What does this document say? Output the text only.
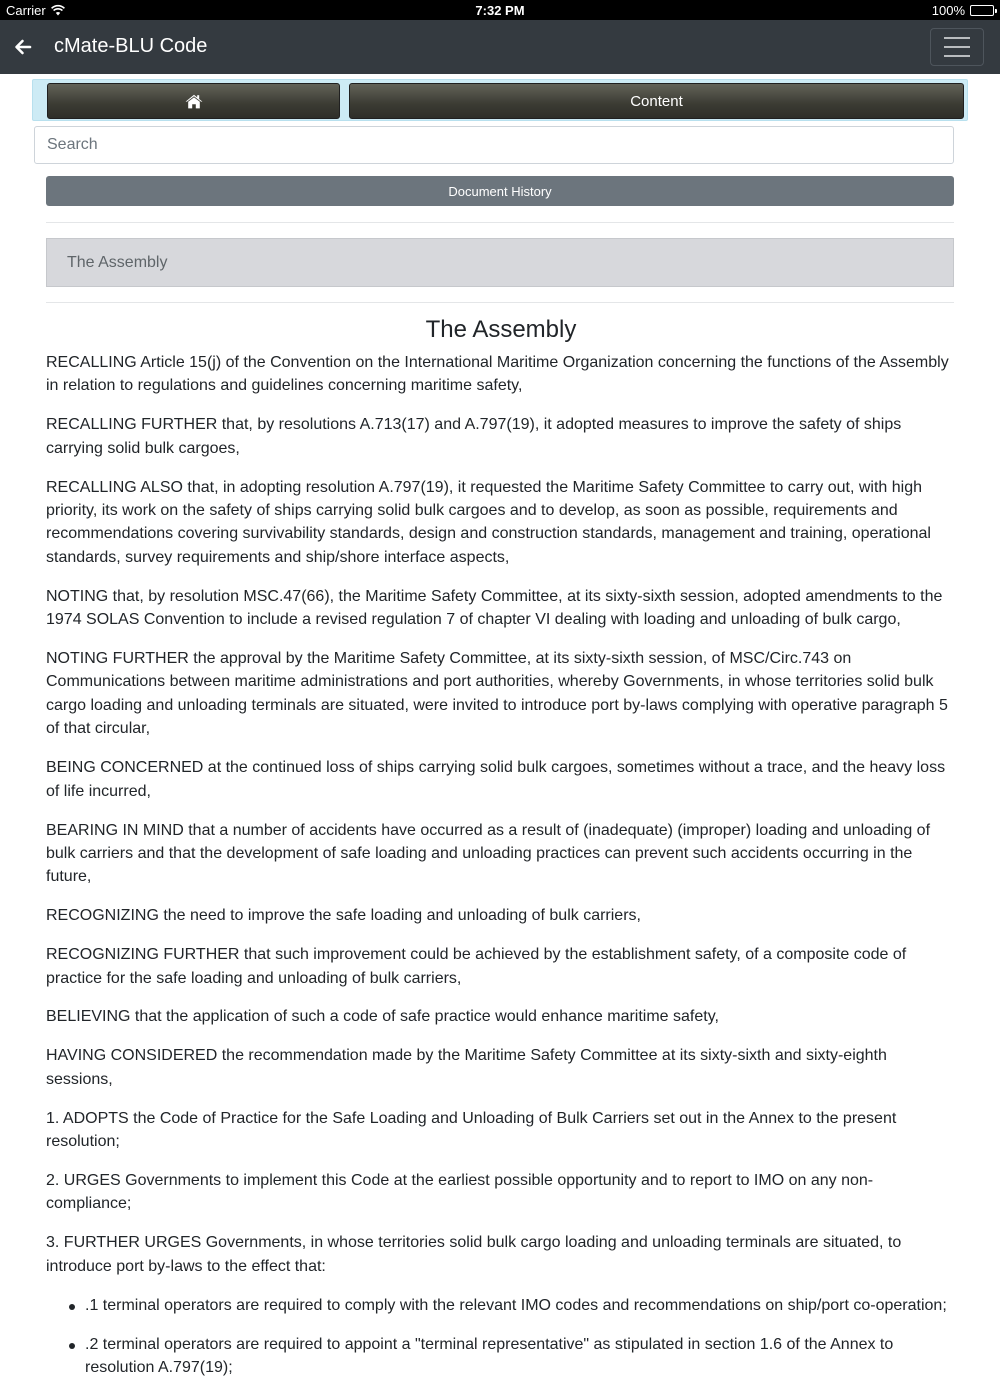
Carrier	7:32 PM	100%
cMate-BLU Code
Content
Search
Document History
The Assembly
The Assembly

RECALLING Article 15(j) of the Convention on the International Maritime Organization concerning the functions of the Assembly in relation to regulations and guidelines concerning maritime safety,

RECALLING FURTHER that, by resolutions A.713(17) and A.797(19), it adopted measures to improve the safety of ships carrying solid bulk cargoes,

RECALLING ALSO that, in adopting resolution A.797(19), it requested the Maritime Safety Committee to carry out, with high priority, its work on the safety of ships carrying solid bulk cargoes and to develop, as soon as possible, requirements and recommendations covering survivability standards, design and construction standards, management and training, operational standards, survey requirements and ship/shore interface aspects,

NOTING that, by resolution MSC.47(66), the Maritime Safety Committee, at its sixty-sixth session, adopted amendments to the 1974 SOLAS Convention to include a revised regulation 7 of chapter VI dealing with loading and unloading of bulk cargo,

NOTING FURTHER the approval by the Maritime Safety Committee, at its sixty-sixth session, of MSC/Circ.743 on Communications between maritime administrations and port authorities, whereby Governments, in whose territories solid bulk cargo loading and unloading terminals are situated, were invited to introduce port by-laws complying with operative paragraph 5 of that circular,

BEING CONCERNED at the continued loss of ships carrying solid bulk cargoes, sometimes without a trace, and the heavy loss of life incurred,

BEARING IN MIND that a number of accidents have occurred as a result of (inadequate) (improper) loading and unloading of bulk carriers and that the development of safe loading and unloading practices can prevent such accidents occurring in the future,

RECOGNIZING the need to improve the safe loading and unloading of bulk carriers,

RECOGNIZING FURTHER that such improvement could be achieved by the establishment safety, of a composite code of practice for the safe loading and unloading of bulk carriers,

BELIEVING that the application of such a code of safe practice would enhance maritime safety,

HAVING CONSIDERED the recommendation made by the Maritime Safety Committee at its sixty-sixth and sixty-eighth sessions,

1. ADOPTS the Code of Practice for the Safe Loading and Unloading of Bulk Carriers set out in the Annex to the present resolution;

2. URGES Governments to implement this Code at the earliest possible opportunity and to report to IMO on any non-compliance;

3. FURTHER URGES Governments, in whose territories solid bulk cargo loading and unloading terminals are situated, to introduce port by-laws to the effect that:

.1 terminal operators are required to comply with the relevant IMO codes and recommendations on ship/port co-operation;
.2 terminal operators are required to appoint a "terminal representative" as stipulated in section 1.6 of the Annex to resolution A.797(19);
